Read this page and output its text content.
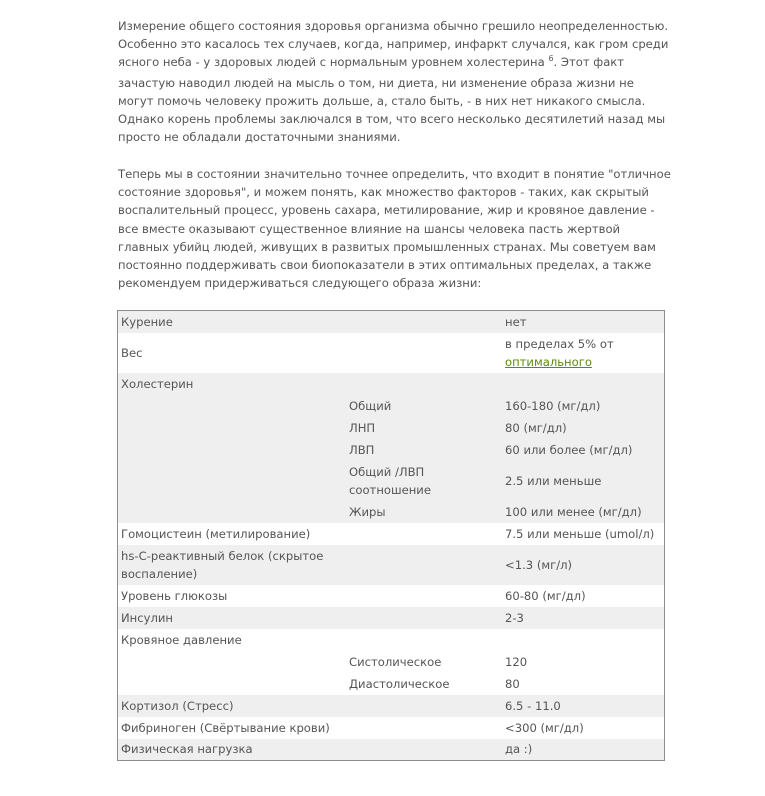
Измерение общего состояния здоровья организма обычно грешило неопределенностью. Особенно это касалось тех случаев, когда, например, инфаркт случался, как гром среди ясного неба - у здоровых людей с нормальным уровнем холестерина $^6$. Этот факт зачастую наводил людей на мысль о том, ни диета, ни изменение образа жизни не могут помочь человеку прожить дольше, а, стало быть, - в них нет никакого смысла. Однако корень проблемы заключался в том, что всего несколько десятилетий назад мы просто не обладали достаточными знаниями.

Теперь мы в состоянии значительно точнее определить, что входит в понятие "отличное состояние здоровья", и можем понять, как множество факторов - таких, как скрытый воспалительный процесс, уровень сахара, метилирование, жир и кровяное давление - все вместе оказывают существенное влияние на шансы человека пасть жертвой главных убийц людей, живущих в развитых промышленных странах. Мы советуем вам постоянно поддерживать свои биопоказатели в этих оптимальных пределах, а также рекомендуем придерживаться следующего образа жизни:

Курение		нет
Вес		в пределах 5% от
оптимального
Холестерин		
	Общий	160-180 (мг/дл)
	ЛНП	80 (мг/дл)
	ЛВП	60 или более (мг/дл)
	Общий /ЛВП соотношение	2.5 или меньше
	Жиры	100 или менее (мг/дл)
Гомоцистеин (метилирование)		7.5 или меньше (umol/л)
hs-C-реактивный белок (скрытое воспаление)		<1.3 (мг/л)
Уровень глюкозы		60-80 (мг/дл)
Инсулин		2-3
Кровяное давление		
	Систолическое	120
	Диастолическое	80
Кортизол (Стресс)		6.5 - 11.0
Фибриноген (Свёртывание крови)		<300 (мг/дл)
Физическая нагрузка		да :)
